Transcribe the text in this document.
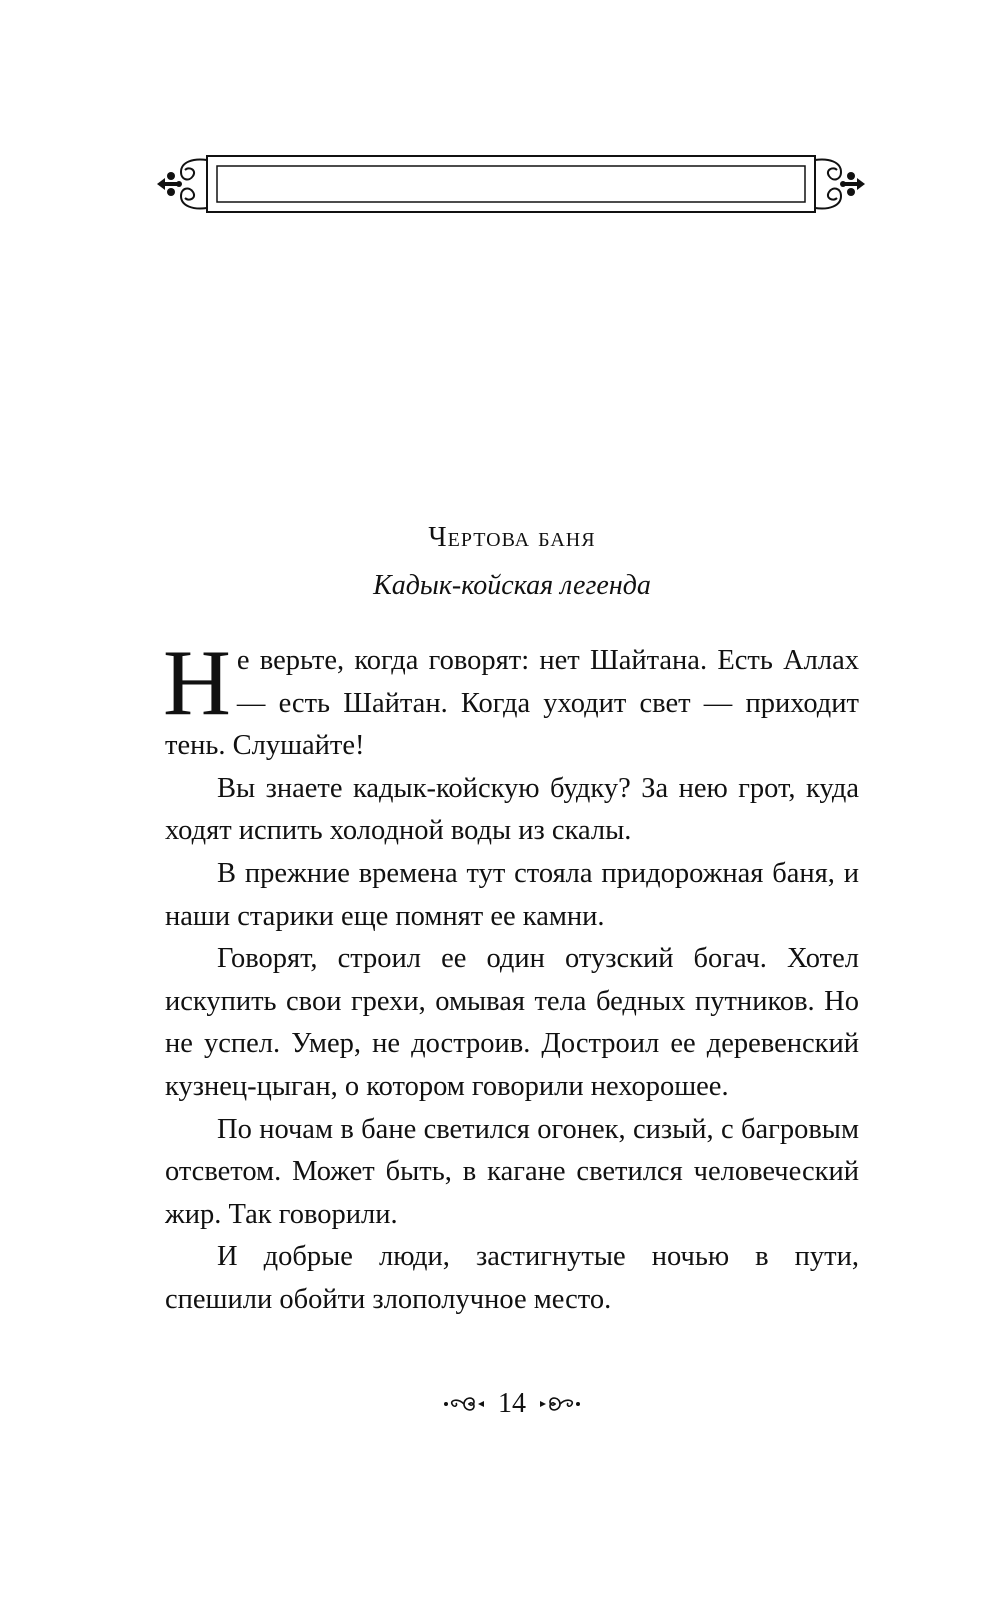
Чертова баня
Кадык-койская легенда

Не верьте, когда говорят: нет Шайтана. Есть Аллах — есть Шайтан. Когда уходит свет — приходит тень. Слушайте!

Вы знаете кадык-койскую будку? За нею грот, куда ходят испить холодной воды из скалы.

В прежние времена тут стояла придорожная баня, и наши старики еще помнят ее камни.

Говорят, строил ее один отузский богач. Хотел искупить свои грехи, омывая тела бедных путников. Но не успел. Умер, не достроив. Достроил ее деревенский кузнец-цыган, о котором говорили нехорошее.

По ночам в бане светился огонек, сизый, с багровым отсветом. Может быть, в кагане светился человеческий жир. Так говорили.

И добрые люди, застигнутые ночью в пути, спешили обойти злополучное место.

14
